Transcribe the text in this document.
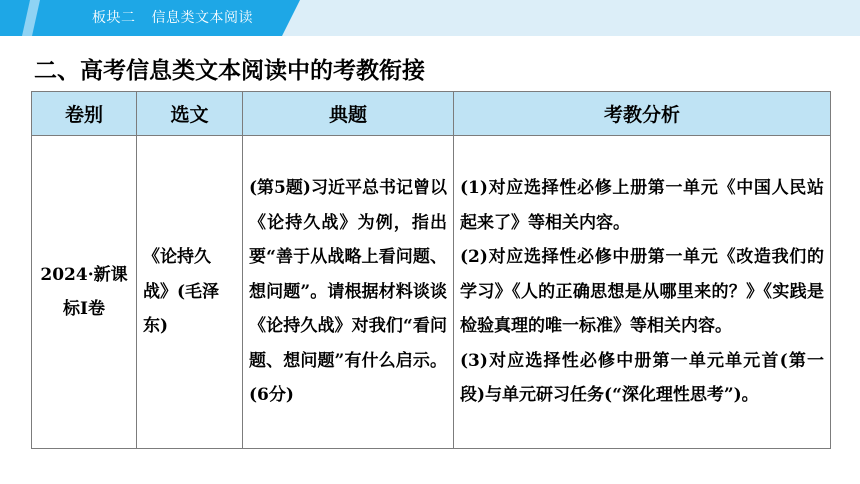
板块二 信息类文本阅读
二、高考信息类文本阅读中的考教衔接
卷别	选文	典题	考教分析
2024·新课标Ⅰ卷	《论持久战》(毛泽东)	(第5题)习近平总书记曾以《论持久战》为例，指出要“善于从战略上看问题、想问题”。请根据材料谈谈《论持久战》对我们“看问题、想问题”有什么启示。(6分)	(1)对应选择性必修上册第一单元《中国人民站起来了》等相关内容。
(2)对应选择性必修中册第一单元《改造我们的学习》《人的正确思想是从哪里来的？》《实践是检验真理的唯一标准》等相关内容。
(3)对应选择性必修中册第一单元单元首(第一段)与单元研习任务(“深化理性思考”)。
